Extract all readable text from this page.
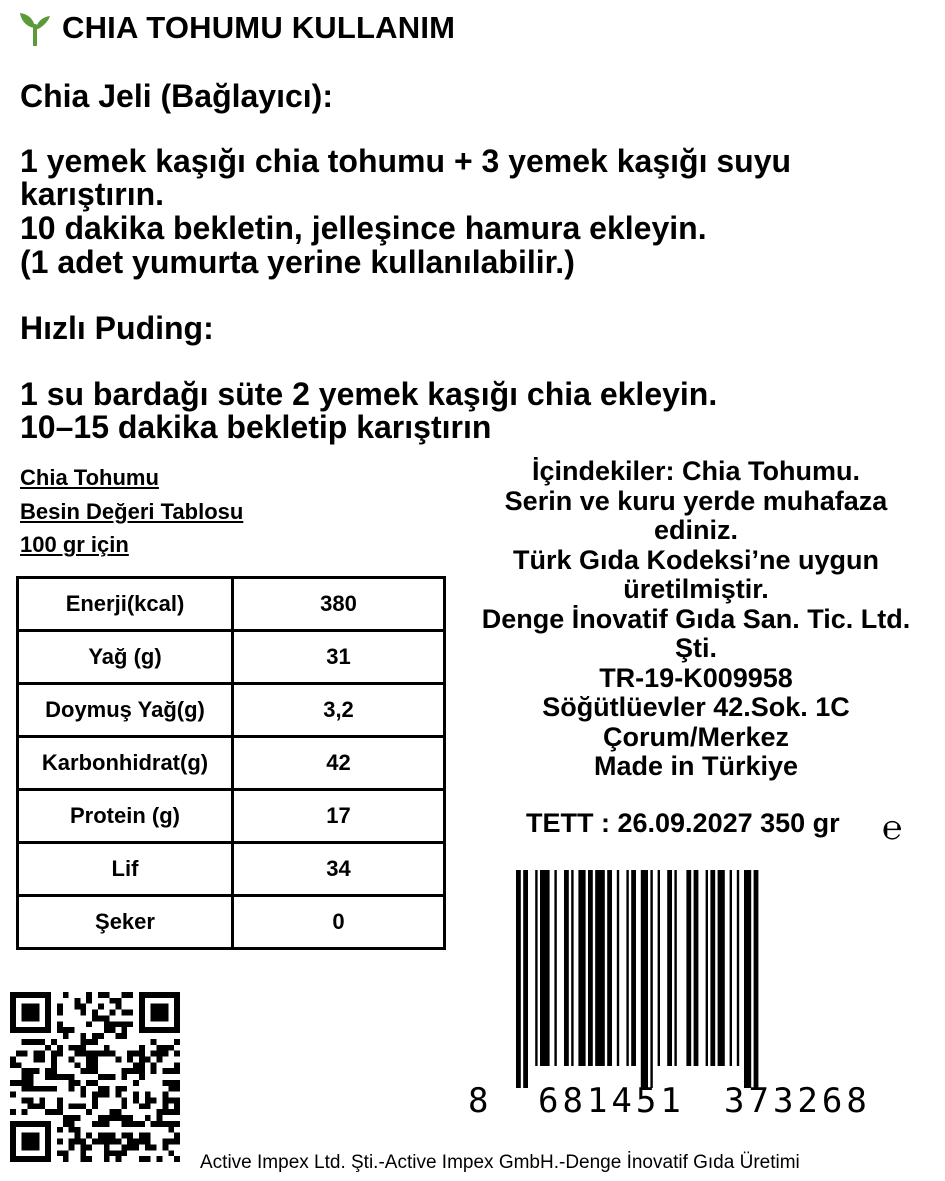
CHIA TOHUMU KULLANIM
Chia Jeli (Bağlayıcı):
1 yemek kaşığı chia tohumu + 3 yemek kaşığı suyu
karıştırın.
10 dakika bekletin, jelleşince hamura ekleyin.
(1 adet yumurta yerine kullanılabilir.)
Hızlı Puding:
1 su bardağı süte 2 yemek kaşığı chia ekleyin.
10–15 dakika bekletip karıştırın
Chia Tohumu
Besin Değeri Tablosu
100 gr için
Enerji(kcal)	380
Yağ (g)	31
Doymuş Yağ(g)	3,2
Karbonhidrat(g)	42
Protein (g)	17
Lif	34
Şeker	0
İçindekiler: Chia Tohumu.
Serin ve kuru yerde muhafaza
ediniz.
Türk Gıda Kodeksi’ne uygun
üretilmiştir.
Denge İnovatif Gıda San. Tic. Ltd.
Şti.
TR-19-K009958
Söğütlüevler 42.Sok. 1C
Çorum/Merkez
Made in Türkiye
TETT : 26.09.2027 350 gr ℮
8 681451 373268
Active Impex Ltd. Şti.-Active Impex GmbH.-Denge İnovatif Gıda Üretimi
